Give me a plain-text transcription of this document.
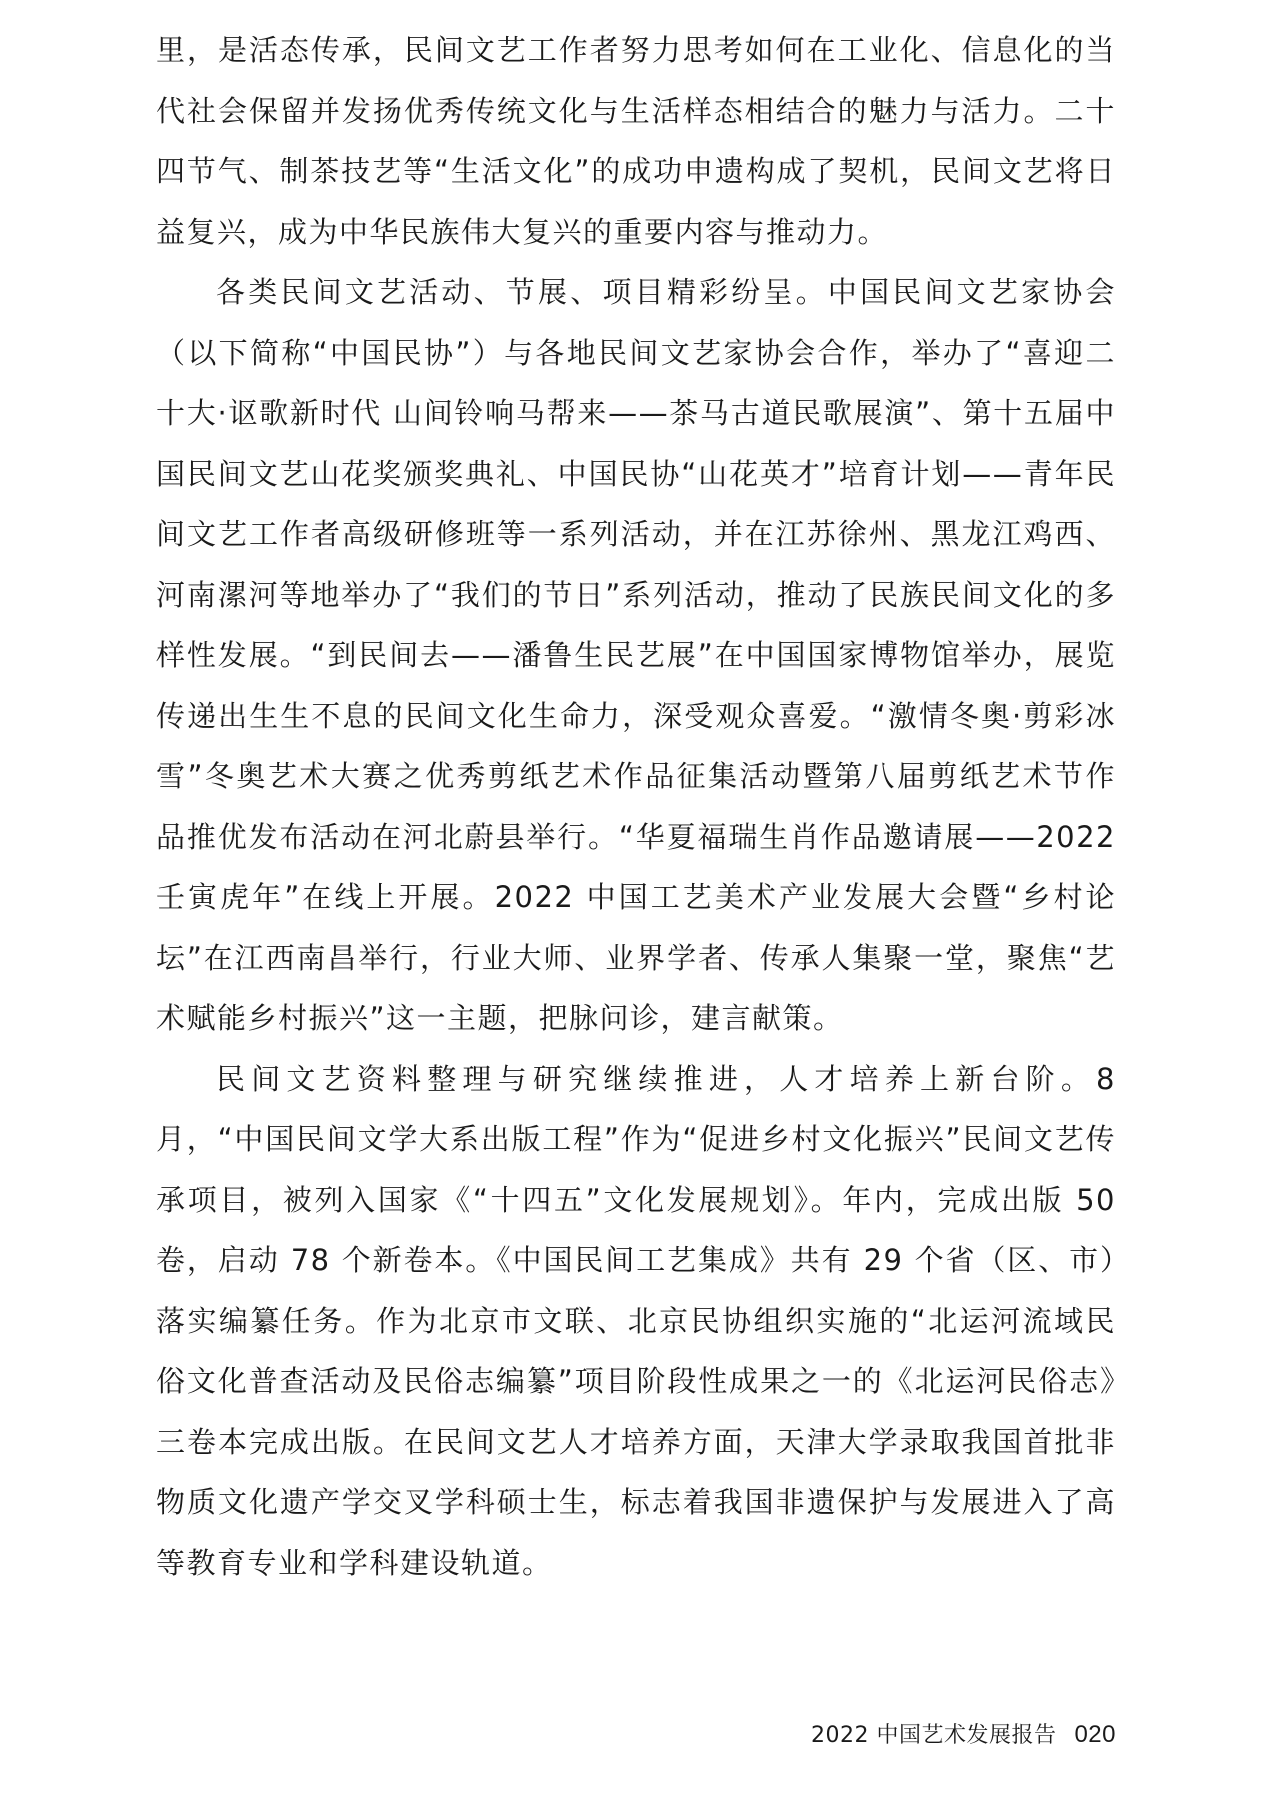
里，是活态传承，民间文艺工作者努力思考如何在工业化、信息化的当代社会保留并发扬优秀传统文化与生活样态相结合的魅力与活力。二十四节气、制茶技艺等“生活文化”的成功申遗构成了契机，民间文艺将日益复兴，成为中华民族伟大复兴的重要内容与推动力。

各类民间文艺活动、节展、项目精彩纷呈。中国民间文艺家协会（以下简称“中国民协”）与各地民间文艺家协会合作，举办了“喜迎二十大·讴歌新时代 山间铃响马帮来——茶马古道民歌展演”、第十五届中国民间文艺山花奖颁奖典礼、中国民协“山花英才”培育计划——青年民间文艺工作者高级研修班等一系列活动，并在江苏徐州、黑龙江鸡西、河南漯河等地举办了“我们的节日”系列活动，推动了民族民间文化的多样性发展。“到民间去——潘鲁生民艺展”在中国国家博物馆举办，展览传递出生生不息的民间文化生命力，深受观众喜爱。“激情冬奥·剪彩冰雪”冬奥艺术大赛之优秀剪纸艺术作品征集活动暨第八届剪纸艺术节作品推优发布活动在河北蔚县举行。“华夏福瑞生肖作品邀请展——2022 壬寅虎年”在线上开展。2022 中国工艺美术产业发展大会暨“乡村论坛”在江西南昌举行，行业大师、业界学者、传承人集聚一堂，聚焦“艺术赋能乡村振兴”这一主题，把脉问诊，建言献策。

民间文艺资料整理与研究继续推进，人才培养上新台阶。8 月，“中国民间文学大系出版工程”作为“促进乡村文化振兴”民间文艺传承项目，被列入国家《“十四五”文化发展规划》。年内，完成出版 50 卷，启动 78 个新卷本。《中国民间工艺集成》共有 29 个省（区、市）落实编纂任务。作为北京市文联、北京民协组织实施的“北运河流域民俗文化普查活动及民俗志编纂”项目阶段性成果之一的《北运河民俗志》三卷本完成出版。在民间文艺人才培养方面，天津大学录取我国首批非物质文化遗产学交叉学科硕士生，标志着我国非遗保护与发展进入了高等教育专业和学科建设轨道。

2022 中国艺术发展报告 020
